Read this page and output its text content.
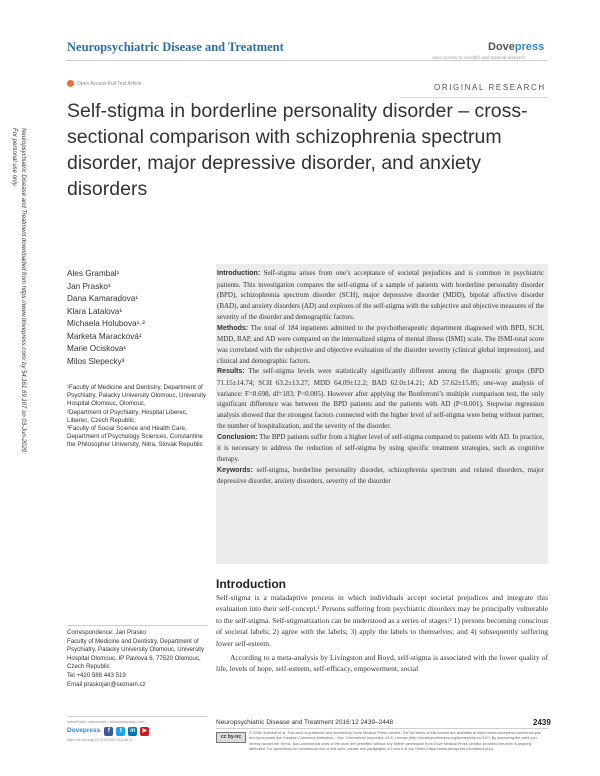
Neuropsychiatric Disease and Treatment	Dovepress
open access to scientific and medical research
Open Access Full Text Article	ORIGINAL RESEARCH
Self-stigma in borderline personality disorder – cross-sectional comparison with schizophrenia spectrum disorder, major depressive disorder, and anxiety disorders
Neuropsychiatric Disease and Treatment downloaded from https://www.dovepress.com/ by 54.161.69.107 on 03-Jun-2020
For personal use only.
Ales Grambal¹
Jan Prasko¹
Dana Kamaradova¹
Klara Latalova¹
Michaela Holubova¹˒²
Marketa Maracková¹
Marie Ociskova¹
Milos Slepecky³

¹Faculty of Medicine and Dentistry, Department of Psychiatry, Palacky University Olomouc, University Hospital Olomouc, Olomouc,

²Department of Psychiatry, Hospital Liberec, Liberec, Czech Republic;

³Faculty of Social Science and Health Care, Department of Psychology Sciences, Constantine the Philosopher University, Nitra, Slovak Republic

Introduction: Self-stigma arises from one’s acceptance of societal prejudices and is common in psychiatric patients. This investigation compares the self-stigma of a sample of patients with borderline personality disorder (BPD), schizophrenia spectrum disorder (SCH), major depressive disorder (MDD), bipolar affective disorder (BAD), and anxiety disorders (AD) and explores of the self-stigma with the subjective and objective measures of the severity of the disorder and demographic factors.

Methods: The total of 184 inpatients admitted to the psychotherapeutic department diagnosed with BPD, SCH, MDD, BAP, and AD were compared on the internalized stigma of mental illness (ISMI) scale. The ISMI-total score was correlated with the subjective and objective evaluation of the disorder severity (clinical global impression), and clinical and demographic factors.

Results: The self-stigma levels were statistically significantly different among the diagnostic groups (BPD 71.15±14.74; SCH 63.2±13.27; MDD 64.09±12.2; BAD 62.0±14.21; AD 57.62±15.85; one-way analysis of variance: F=8.698, df=183; P<0.005). However after applying the Bonferroni’s multiple comparison test, the only significant difference was between the BPD patients and the patients with AD (P<0.001). Stepwise regression analysis showed that the strongest factors connected with the higher level of self-stigma were being without partner, the number of hospitalization, and the severity of the disorder.

Conclusion: The BPD patients suffer from a higher level of self-stigma compared to patients with AD. In practice, it is necessary to address the reduction of self-stigma by using specific treatment strategies, such as cognitive therapy.

Keywords: self-stigma, borderline personality disorder, schizophrenia spectrum and related disorders, major depressive disorder, anxiety disorders, severity of the disorder

Introduction

Self-stigma is a maladaptive process in which individuals accept societal prejudices and integrate this evaluation into their self-concept.¹ Persons suffering from psychiatric disorders may be principally vulnerable to the self-stigma. Self-stigmatization can be understood as a series of stages:² 1) persons becoming conscious of societal labels; 2) agree with the labels; 3) apply the labels to themselves; and 4) subsequently suffering lower self-esteem.

According to a meta-analysis by Livingston and Boyd, self-stigma is associated with the lower quality of life, levels of hope, self-esteem, self-efficacy, empowerment, social

Correspondence: Jan Prasko

Faculty of Medicine and Dentistry, Department of Psychiatry, Palacky University Olomouc, University Hospital Olomouc, IP Pavlova 6, 77520 Olomouc, Czech Republic

Tel +420 588 443 519

Email praskojan@seznam.cz

submit your manuscript | www.dovepress.com
Dovepress	f	t	in	▶
http://dx.doi.org/10.2147/NDT.S114671
Neuropsychiatric Disease and Treatment 2016:12 2439–2448	2439
cc by-nc
© 2016 Grambal et al. This work is published and licensed by Dove Medical Press Limited. The full terms of this license are available at https://www.dovepress.com/terms.php and incorporate the Creative Commons Attribution – Non Commercial (unported, v3.0) License (http://creativecommons.org/licenses/by-nc/3.0/). By accessing the work you hereby accept the Terms. Non-commercial uses of the work are permitted without any further permission from Dove Medical Press Limited, provided the work is properly attributed. For permission for commercial use of this work, please see paragraphs 4.2 and 5 of our Terms (https://www.dovepress.com/terms.php).
